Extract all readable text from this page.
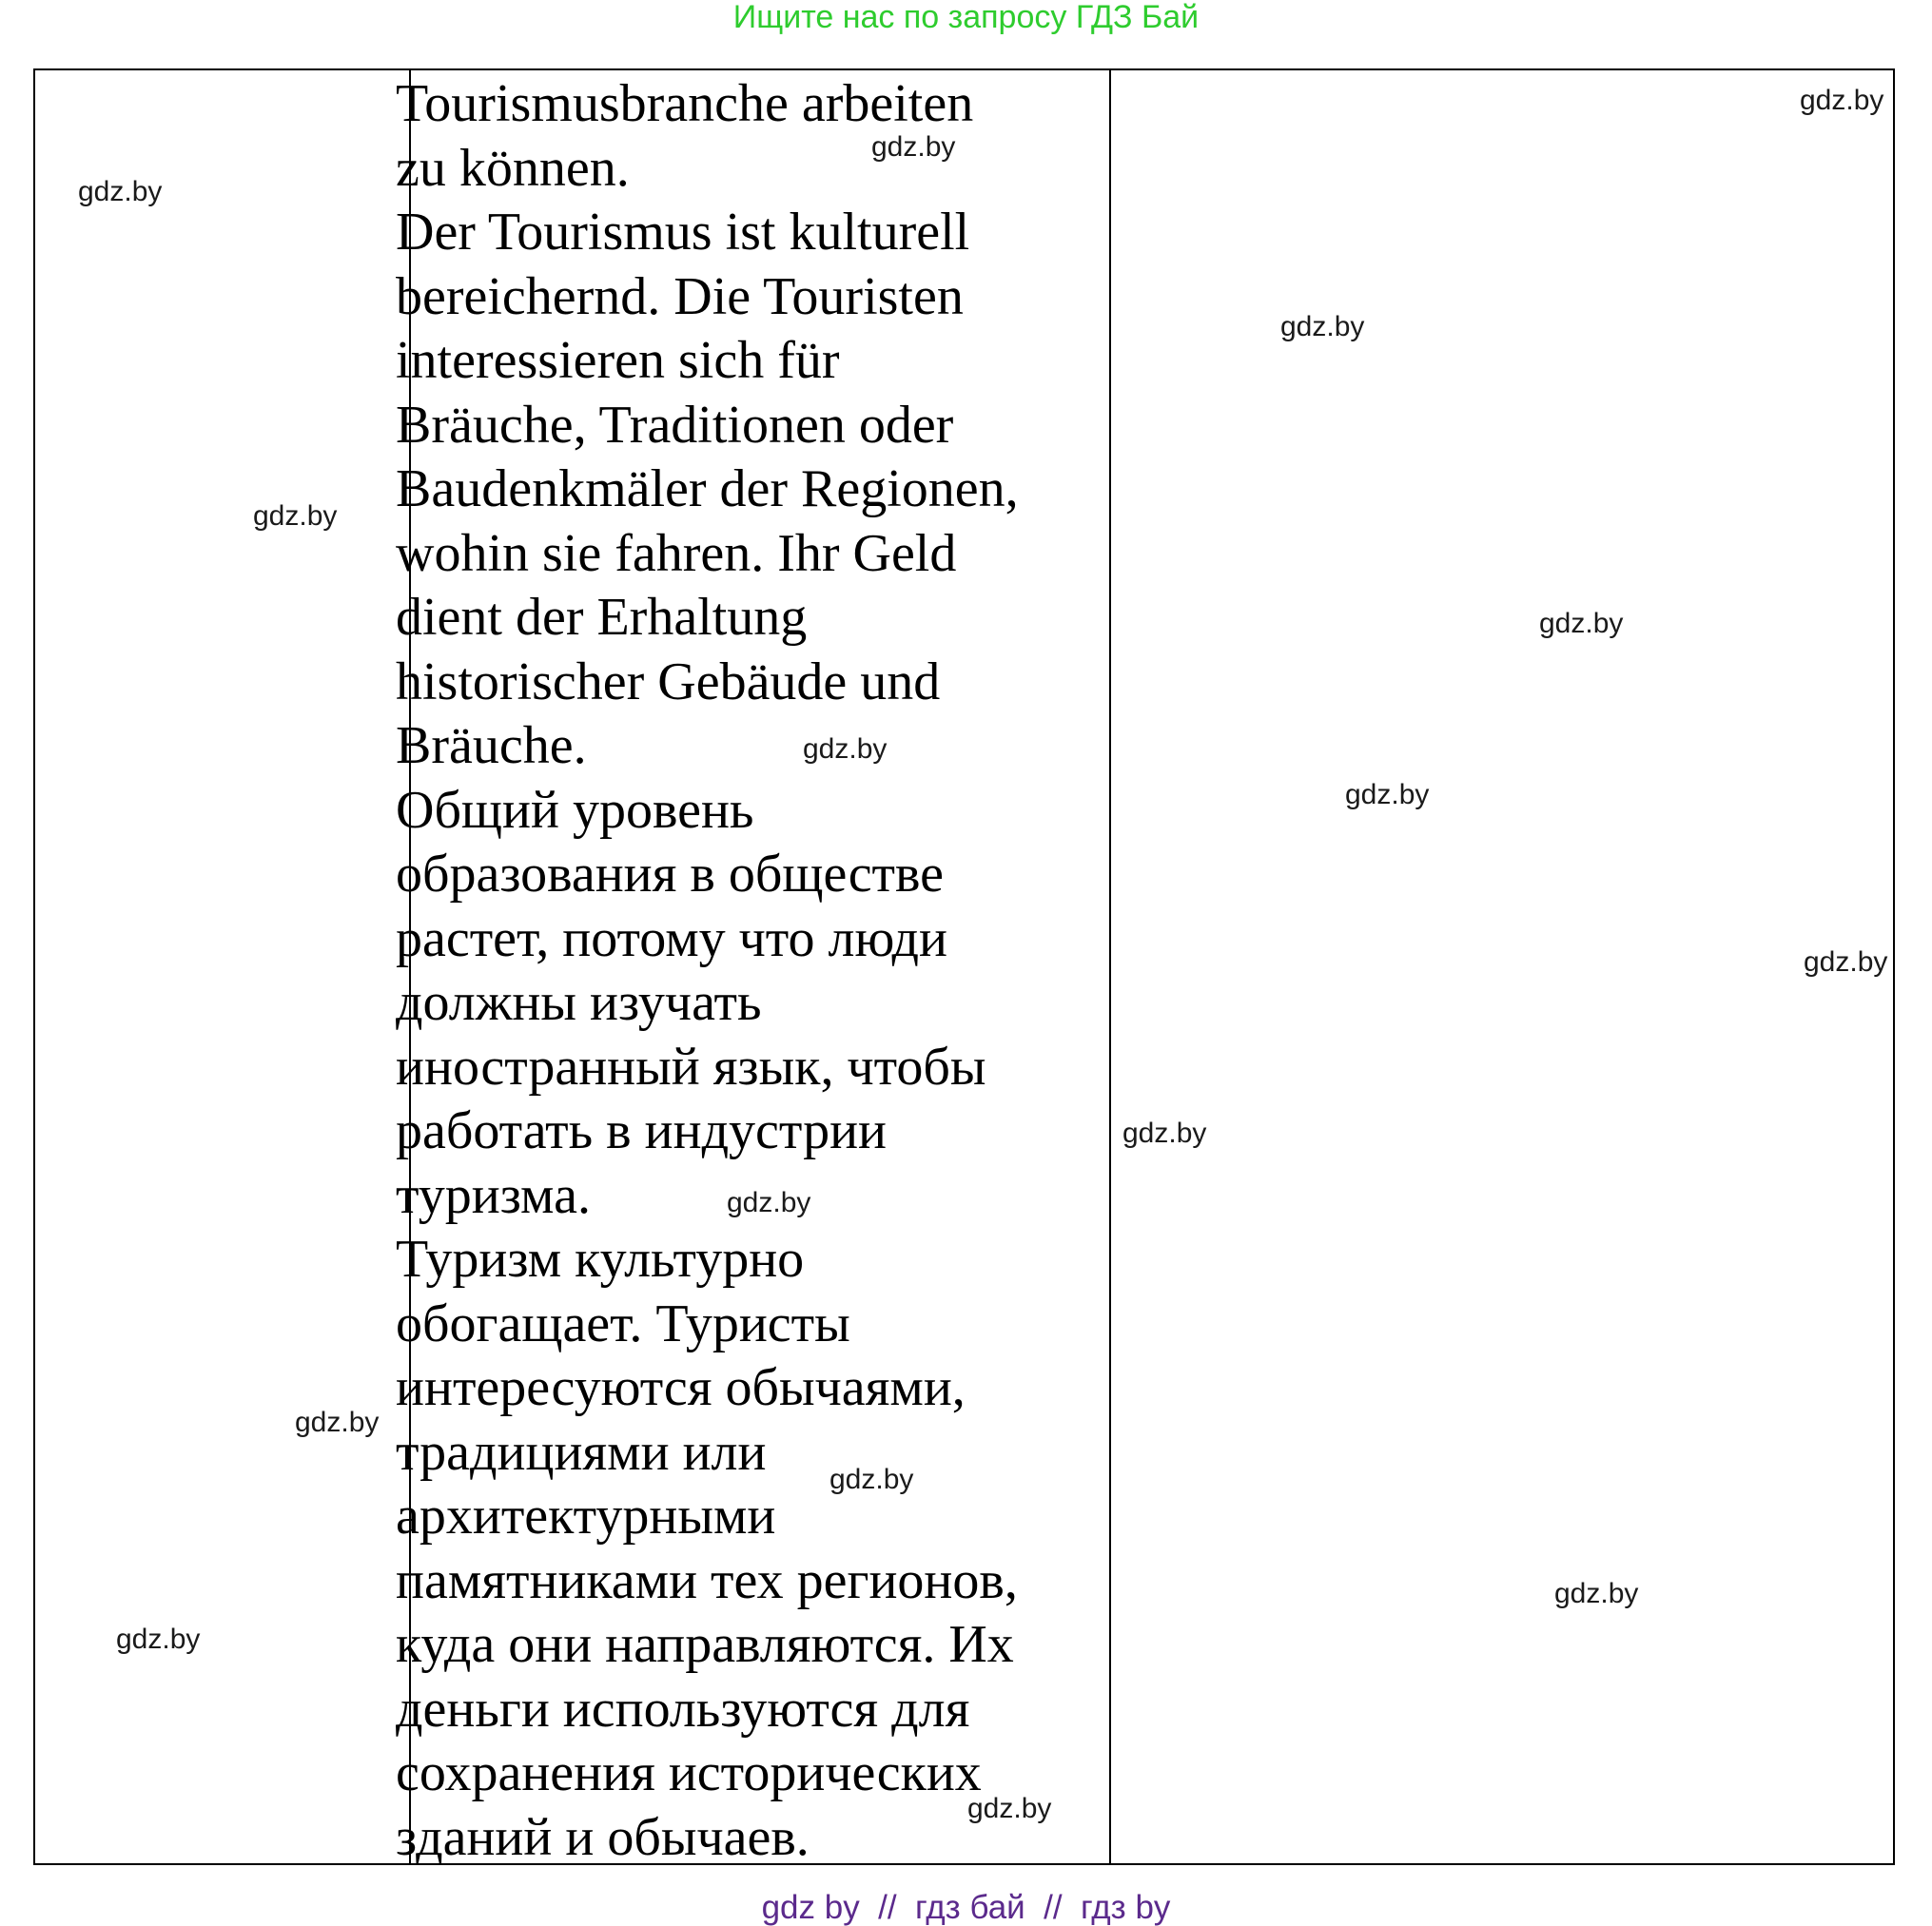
Ищите нас по запросу ГДЗ Бай

Tourismusbranche arbeiten
zu können.

Der Tourismus ist kulturell
bereichernd. Die Touristen
interessieren sich für
Bräuche, Traditionen oder
Baudenkmäler der Regionen,
wohin sie fahren. Ihr Geld
dient der Erhaltung
historischer Gebäude und
Bräuche.

Общий уровень
образования в обществе
растет, потому что люди
должны изучать
иностранный язык, чтобы
работать в индустрии
туризма.

Туризм культурно
обогащает. Туристы
интересуются обычаями,
традициями или
архитектурными
памятниками тех регионов,
куда они направляются. Их
деньги используются для
сохранения исторических
зданий и обычаев.

gdz.by
gdz.by
gdz.by
gdz.by
gdz.by
gdz.by
gdz.by
gdz.by
gdz.by
gdz.by
gdz.by
gdz.by
gdz.by
gdz.by
gdz.by
gdz.by
gdz by  //  гдз бай  //  гдз by
